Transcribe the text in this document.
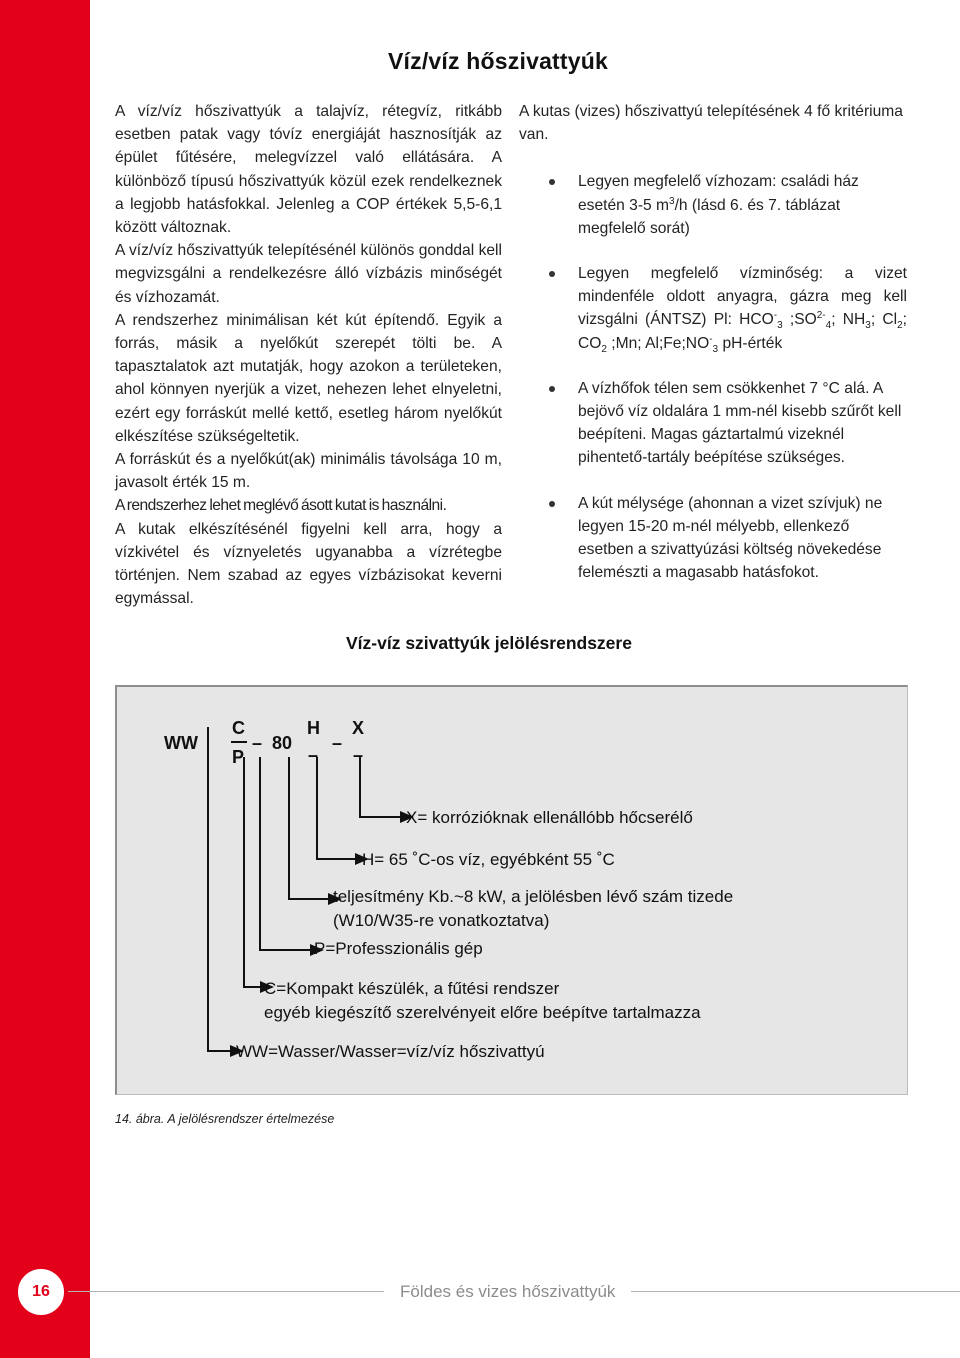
Víz/víz hőszivattyúk

A víz/víz hőszivattyúk a talajvíz, rétegvíz, ritkább esetben patak vagy tóvíz energiáját hasznosítják az épület fűtésére, melegvízzel való ellátására. A különböző típusú hőszivattyúk közül ezek rendelkeznek a legjobb hatásfokkal. Jelenleg a COP értékek 5,5-6,1 között változnak.

A víz/víz hőszivattyúk telepítésénél különös gonddal kell megvizsgálni a rendelkezésre álló vízbázis minőségét és vízhozamát.

A rendszerhez minimálisan két kút építendő. Egyik a forrás, másik a nyelőkút szerepét tölti be. A tapasztalatok azt mutatják, hogy azokon a területeken, ahol könnyen nyerjük a vizet, nehezen lehet elnyeletni, ezért egy forráskút mellé kettő, esetleg három nyelőkút elkészítése szükségeltetik.

A forráskút és a nyelőkút(ak) minimális távolsága 10 m, javasolt érték 15 m.

A rendszerhez lehet meglévő ásott kutat is használni.

A kutak elkészítésénél figyelni kell arra, hogy a vízkivétel és víznyeletés ugyanabba a vízrétegbe történjen. Nem szabad az egyes vízbázisokat keverni egymással.

A kutas (vizes) hőszivattyú telepítésének 4 fő kritériuma van.

Legyen megfelelő vízhozam: családi ház esetén 3-5 $m^3/h$ (lásd 6. és 7. táblázat megfelelő sorát)
Legyen megfelelő vízminőség: a vizet mindenféle oldott anyagra, gázra meg kell vizsgálni (ÁNTSZ) Pl: $HCO^-_3$ $;SO^{2-}_4$; $NH_3$; $Cl_2$; $CO_2$ ;Mn; $Al;Fe;NO^-_3$ pH-érték
A vízhőfok télen sem csökkenhet 7 °C alá. A bejövő víz oldalára 1 mm-nél kisebb szűrőt kell beépíteni. Magas gáztartalmú vizeknél pihentető-tartály beépítése szükséges.
A kút mélysége (ahonnan a vizet szívjuk) ne legyen 15-20 m-nél mélyebb, ellenkező esetben a szivattyúzási költség növekedése felemészti a magasabb hatásfokot.
Víz-víz szivattyúk jelölésrendszere
WW
C
P
– 80
H
–
–
X
–

X= korrózióknak ellenállóbb hőcserélő

H= 65 ˚C-os víz, egyébként 55 ˚C

teljesítmény Kb.~8 kW, a jelölésben lévő szám tizede
(W10/W35-re vonatkoztatva)

P=Professzionális gép

C=Kompakt készülék, a fűtési rendszer
egyéb kiegészítő szerelvényeit előre beépítve tartalmazza

WW=Wasser/Wasser=víz/víz hőszivattyú

14. ábra. A jelölésrendszer értelmezése

16	Földes és vizes hőszivattyúk
